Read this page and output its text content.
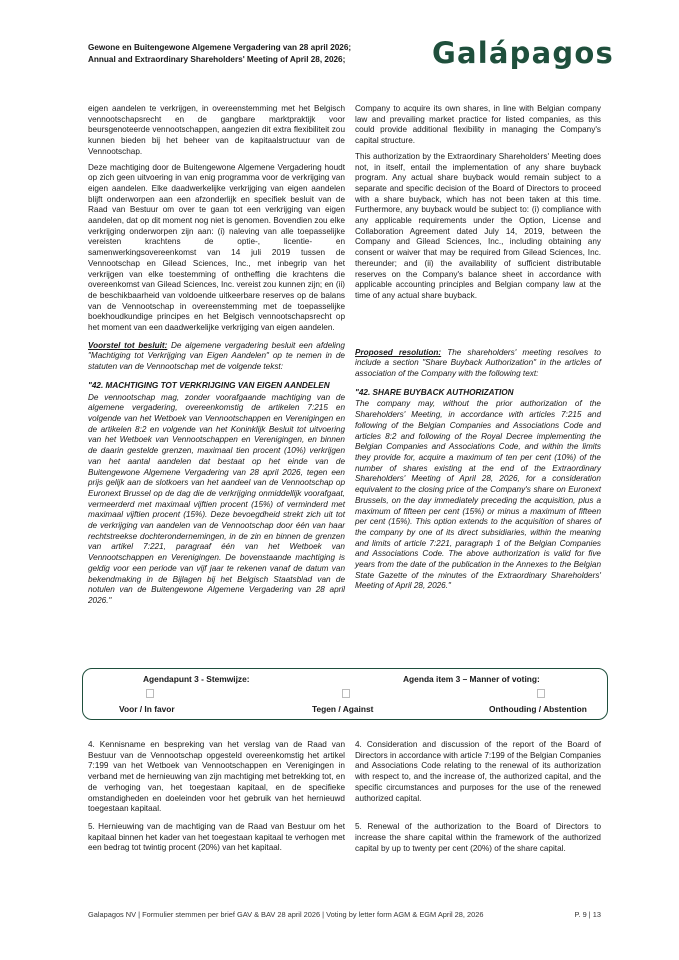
Gewone en Buitengewone Algemene Vergadering van 28 april 2026;
Annual and Extraordinary Shareholders' Meeting of April 28, 2026;	Galápagos

eigen aandelen te verkrijgen, in overeenstemming met het Belgisch vennootschapsrecht en de gangbare marktpraktijk voor beursgenoteerde vennootschappen, aangezien dit extra flexibiliteit zou kunnen bieden bij het beheer van de kapitaalstructuur van de Vennootschap.

Deze machtiging door de Buitengewone Algemene Vergadering houdt op zich geen uitvoering in van enig programma voor de verkrijging van eigen aandelen. Elke daadwerkelijke verkrijging van eigen aandelen blijft onderworpen aan een afzonderlijk en specifiek besluit van de Raad van Bestuur om over te gaan tot een verkrijging van eigen aandelen, dat op dit moment nog niet is genomen. Bovendien zou elke verkrijging onderworpen zijn aan: (i) naleving van alle toepasselijke vereisten krachtens de optie-, licentie- en samenwerkingsovereenkomst van 14 juli 2019 tussen de Vennootschap en Gilead Sciences, Inc., met inbegrip van het verkrijgen van elke toestemming of ontheffing die krachtens die overeenkomst van Gilead Sciences, Inc. vereist zou kunnen zijn; en (ii) de beschikbaarheid van voldoende uitkeerbare reserves op de balans van de Vennootschap in overeenstemming met de toepasselijke boekhoudkundige principes en het Belgisch vennootschapsrecht op het moment van een daadwerkelijke verkrijging van eigen aandelen.

Voorstel tot besluit: De algemene vergadering besluit een afdeling "Machtiging tot Verkrijging van Eigen Aandelen" op te nemen in de statuten van de Vennootschap met de volgende tekst:

"42. MACHTIGING TOT VERKRIJGING VAN EIGEN AANDELEN

De vennootschap mag, zonder voorafgaande machtiging van de algemene vergadering, overeenkomstig de artikelen 7:215 en volgende van het Wetboek van Vennootschappen en Verenigingen en de artikelen 8:2 en volgende van het Koninklijk Besluit tot uitvoering van het Wetboek van Vennootschappen en Verenigingen, en binnen de daarin gestelde grenzen, maximaal tien procent (10%) verkrijgen van het aantal aandelen dat bestaat op het einde van de Buitengewone Algemene Vergadering van 28 april 2026, tegen een prijs gelijk aan de slotkoers van het aandeel van de Vennootschap op Euronext Brussel op de dag die de verkrijging onmiddellijk voorafgaat, vermeerderd met maximaal vijftien procent (15%) of verminderd met maximaal vijftien procent (15%). Deze bevoegdheid strekt zich uit tot de verkrijging van aandelen van de Vennootschap door één van haar rechtstreekse dochterondernemingen, in de zin en binnen de grenzen van artikel 7:221, paragraaf één van het Wetboek van Vennootschappen en Verenigingen. De bovenstaande machtiging is geldig voor een periode van vijf jaar te rekenen vanaf de datum van bekendmaking in de Bijlagen bij het Belgisch Staatsblad van de notulen van de Buitengewone Algemene Vergadering van 28 april 2026."

Company to acquire its own shares, in line with Belgian company law and prevailing market practice for listed companies, as this could provide additional flexibility in managing the Company's capital structure.

This authorization by the Extraordinary Shareholders' Meeting does not, in itself, entail the implementation of any share buyback program. Any actual share buyback would remain subject to a separate and specific decision of the Board of Directors to proceed with a share buyback, which has not been taken at this time. Furthermore, any buyback would be subject to: (i) compliance with any applicable requirements under the Option, License and Collaboration Agreement dated July 14, 2019, between the Company and Gilead Sciences, Inc., including obtaining any consent or waiver that may be required from Gilead Sciences, Inc. thereunder; and (ii) the availability of sufficient distributable reserves on the Company's balance sheet in accordance with applicable accounting principles and Belgian company law at the time of any actual share buyback.

Proposed resolution: The shareholders' meeting resolves to include a section "Share Buyback Authorization" in the articles of association of the Company with the following text:

"42. SHARE BUYBACK AUTHORIZATION

The company may, without the prior authorization of the Shareholders' Meeting, in accordance with articles 7:215 and following of the Belgian Companies and Associations Code and articles 8:2 and following of the Royal Decree implementing the Belgian Companies and Associations Code, and within the limits they provide for, acquire a maximum of ten per cent (10%) of the number of shares existing at the end of the Extraordinary Shareholders' Meeting of April 28, 2026, for a consideration equivalent to the closing price of the Company's share on Euronext Brussels, on the day immediately preceding the acquisition, plus a maximum of fifteen per cent (15%) or minus a maximum of fifteen per cent (15%). This option extends to the acquisition of shares of the company by one of its direct subsidiaries, within the meaning and limits of article 7:221, paragraph 1 of the Belgian Companies and Associations Code. The above authorization is valid for five years from the date of the publication in the Annexes to the Belgian State Gazette of the minutes of the Extraordinary Shareholders' Meeting of April 28, 2026."

Agendapunt 3 - Stemwijze:	Agenda item 3 – Manner of voting:
Voor / In favor	Tegen / Against	Onthouding / Abstention

4. Kennisname en bespreking van het verslag van de Raad van Bestuur van de Vennootschap opgesteld overeenkomstig het artikel 7:199 van het Wetboek van Vennootschappen en Verenigingen in verband met de hernieuwing van zijn machtiging met betrekking tot, en de verhoging van, het toegestaan kapitaal, en de specifieke omstandigheden en doeleinden voor het gebruik van het hernieuwd toegestaan kapitaal.

5. Hernieuwing van de machtiging van de Raad van Bestuur om het kapitaal binnen het kader van het toegestaan kapitaal te verhogen met een bedrag tot twintig procent (20%) van het kapitaal.

4. Consideration and discussion of the report of the Board of Directors in accordance with article 7:199 of the Belgian Companies and Associations Code relating to the renewal of its authorization with respect to, and the increase of, the authorized capital, and the specific circumstances and purposes for the use of the renewed authorized capital.

5. Renewal of the authorization to the Board of Directors to increase the share capital within the framework of the authorized capital by up to twenty per cent (20%) of the share capital.

Galapagos NV | Formulier stemmen per brief GAV & BAV 28 april 2026 | Voting by letter form AGM & EGM April 28, 2026	P. 9 | 13
